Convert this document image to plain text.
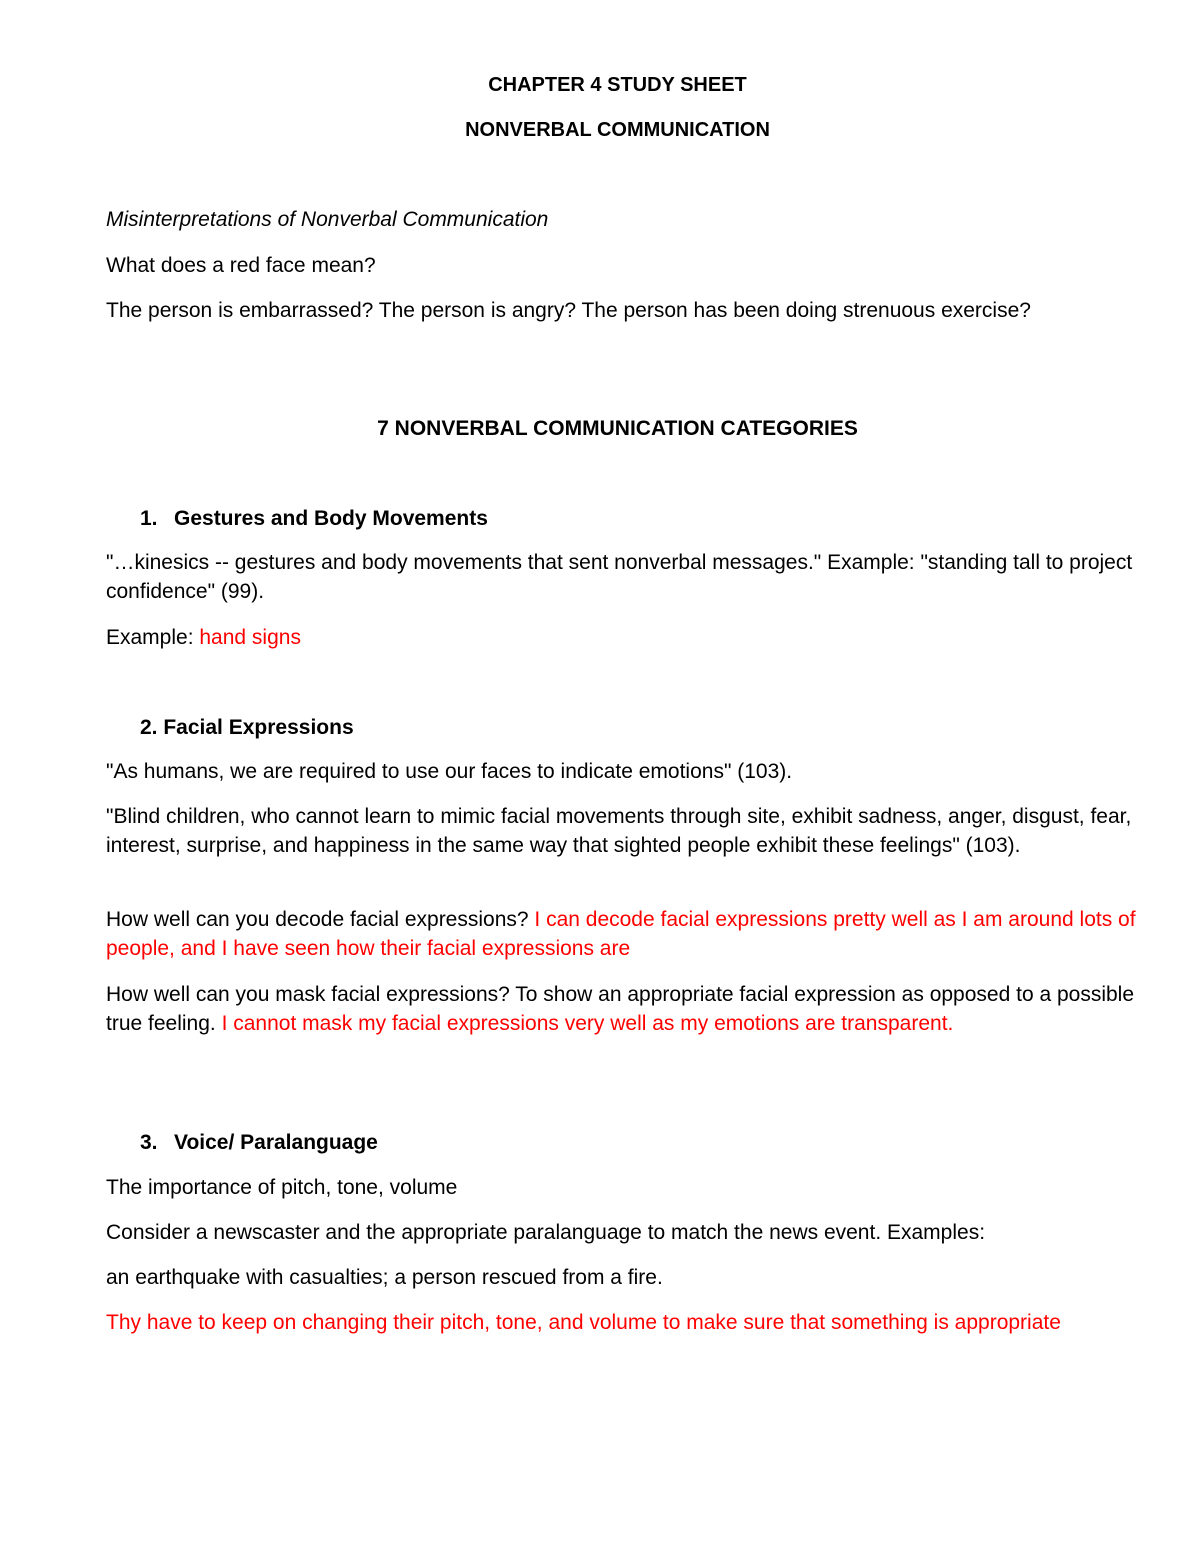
CHAPTER 4 STUDY SHEET
NONVERBAL COMMUNICATION
Misinterpretations of Nonverbal Communication
What does a red face mean?
The person is embarrassed? The person is angry? The person has been doing strenuous exercise?
7 NONVERBAL COMMUNICATION CATEGORIES
1. Gestures and Body Movements
"…kinesics -- gestures and body movements that sent nonverbal messages." Example: "standing tall to project confidence" (99).
Example: hand signs
2. Facial Expressions
"As humans, we are required to use our faces to indicate emotions" (103).
"Blind children, who cannot learn to mimic facial movements through site, exhibit sadness, anger, disgust, fear, interest, surprise, and happiness in the same way that sighted people exhibit these feelings" (103).
How well can you decode facial expressions? I can decode facial expressions pretty well as I am around lots of people, and I have seen how their facial expressions are
How well can you mask facial expressions? To show an appropriate facial expression as opposed to a possible true feeling. I cannot mask my facial expressions very well as my emotions are transparent.
3. Voice/ Paralanguage
The importance of pitch, tone, volume
Consider a newscaster and the appropriate paralanguage to match the news event. Examples:
an earthquake with casualties; a person rescued from a fire.
Thy have to keep on changing their pitch, tone, and volume to make sure that something is appropriate
